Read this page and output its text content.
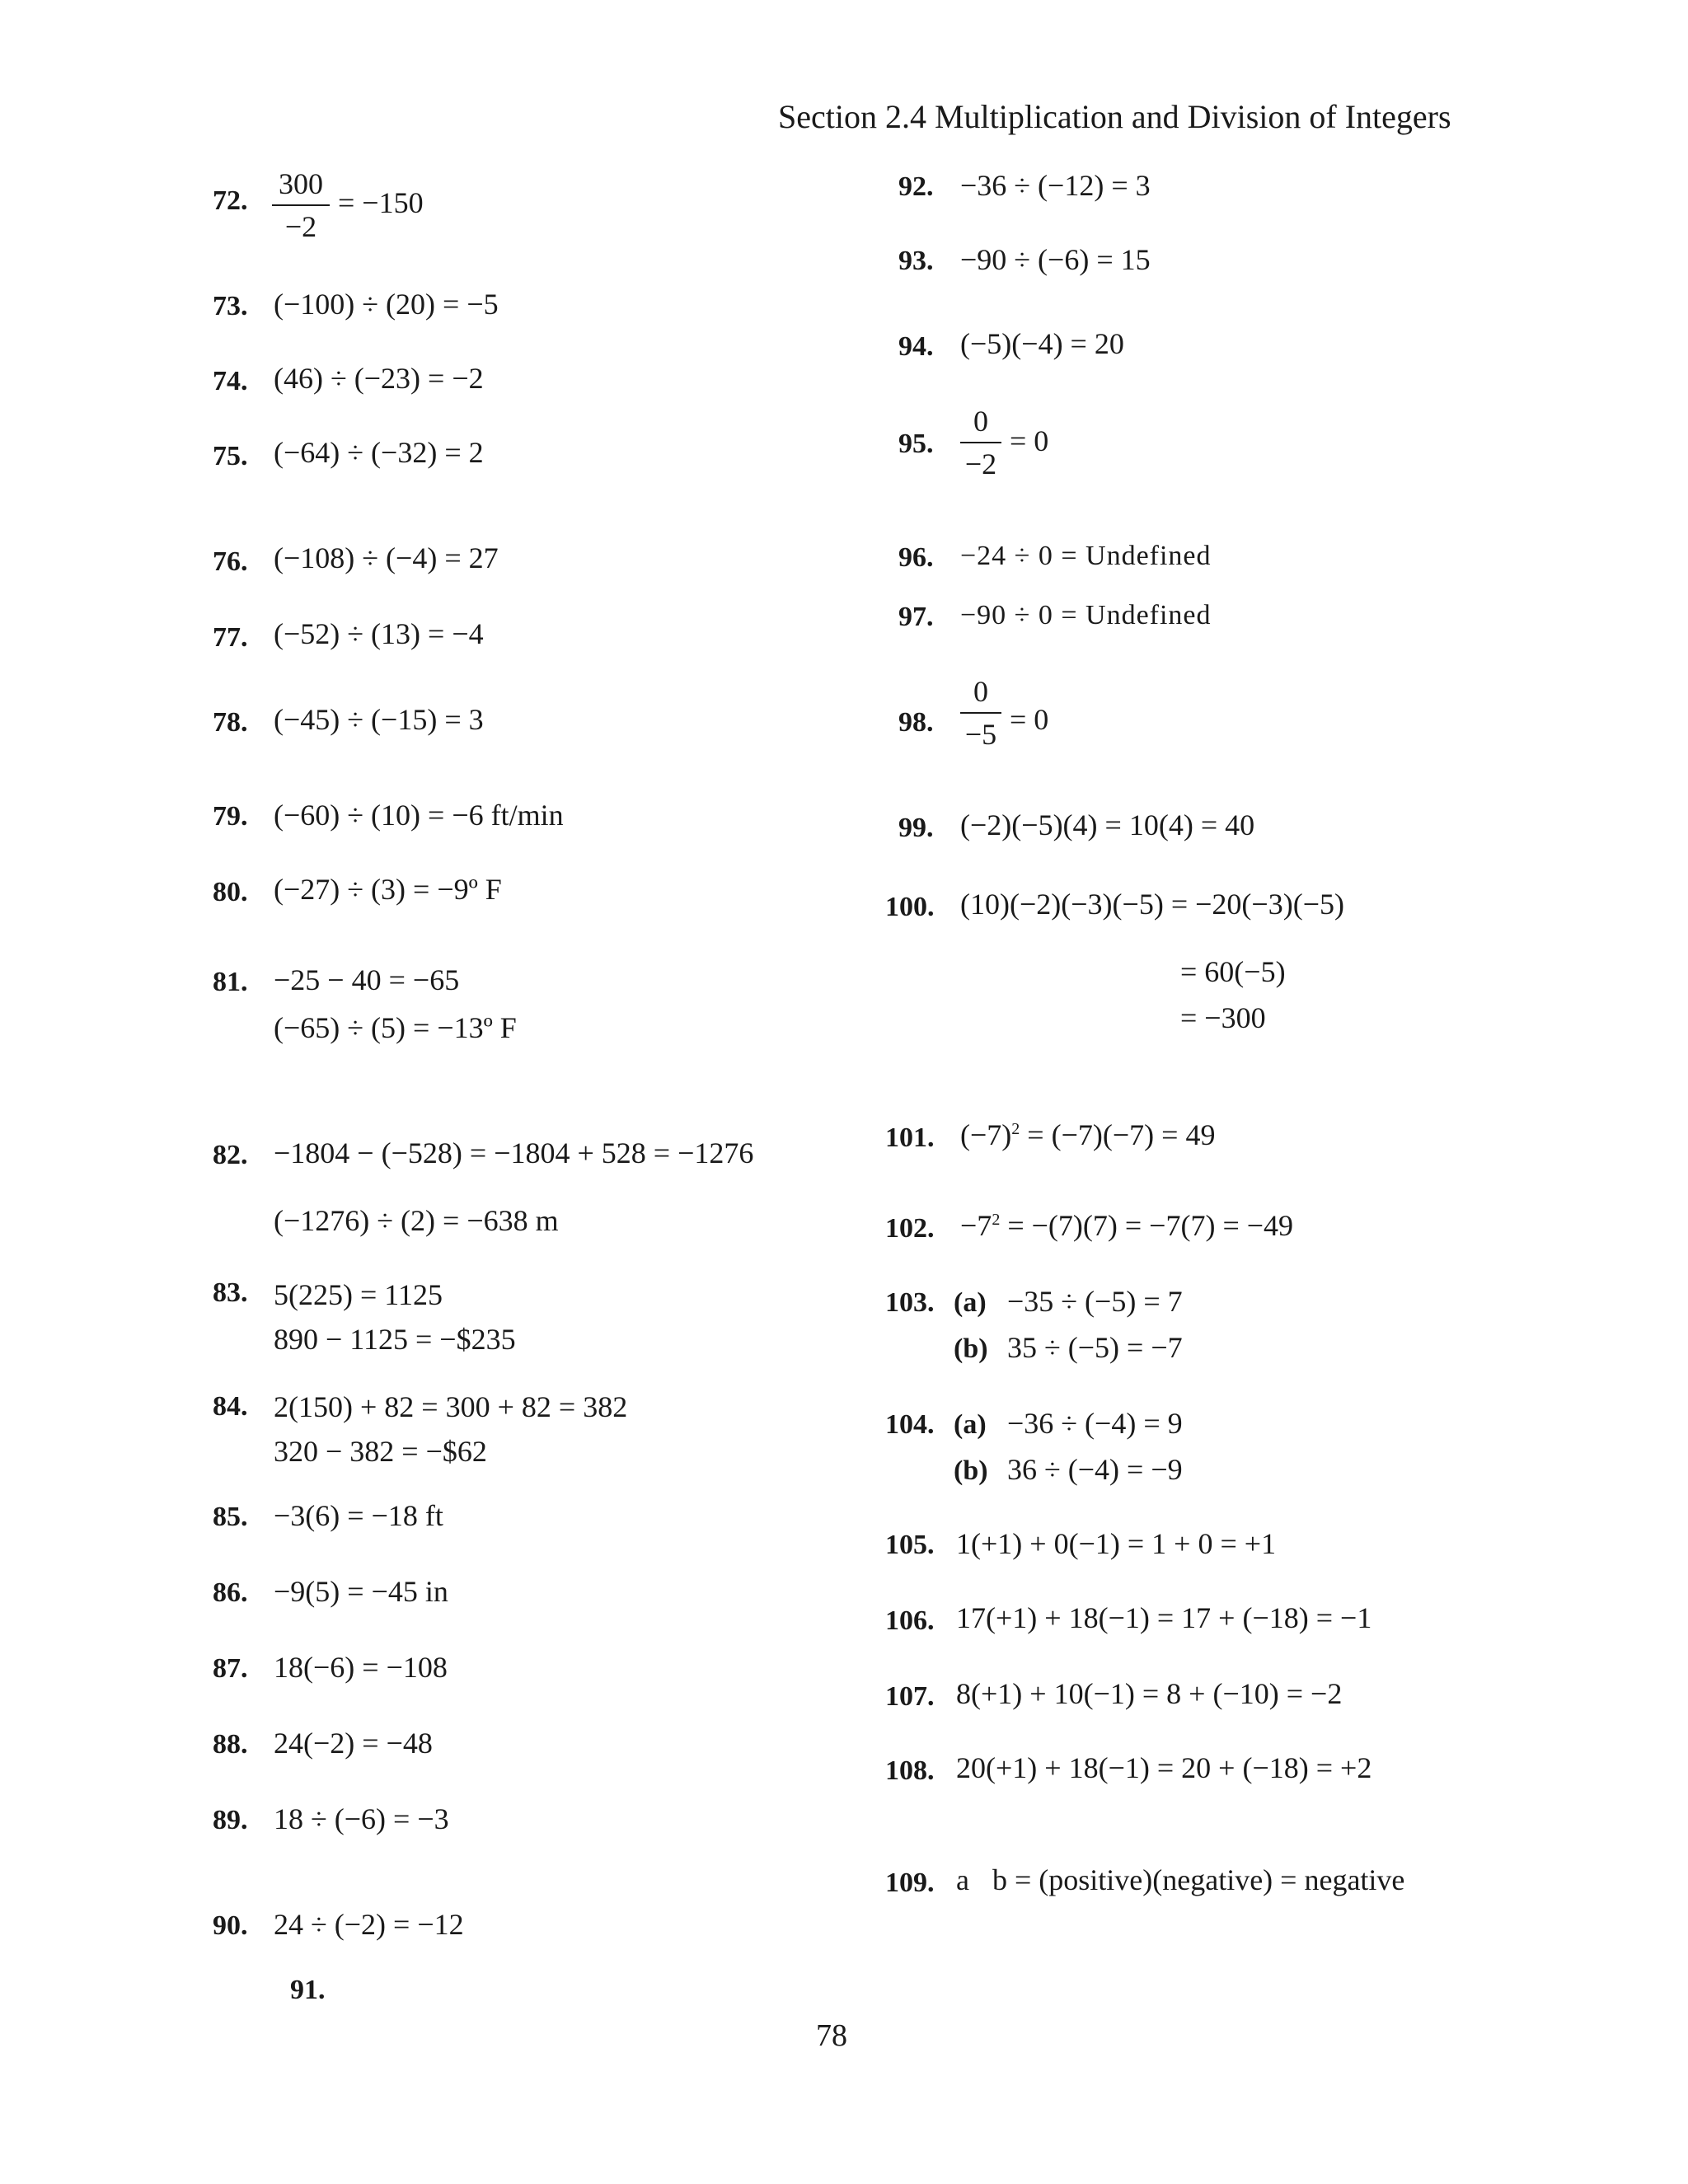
Section 2.4 Multiplication and Division of Integers
72.
300
−2
= −150
73. (−100) ÷ (20) = −5
74. (46) ÷ (−23) = −2
75. (−64) ÷ (−32) = 2
76. (−108) ÷ (−4) = 27
77. (−52) ÷ (13) = −4
78. (−45) ÷ (−15) = 3
79. (−60) ÷ (10) = −6 ft/min
80. (−27) ÷ (3) = −9º F
81. −25 − 40 = −65
(−65) ÷ (5) = −13º F
82. −1804 − (−528) = −1804 + 528 = −1276
(−1276) ÷ (2) = −638 m
83. 5(225) = 1125
890 − 1125 = −$235
84. 2(150) + 82 = 300 + 82 = 382
320 − 382 = −$62
85. −3(6) = −18 ft
86. −9(5) = −45 in
87. 18(−6) = −108
88. 24(−2) = −48
89. 18 ÷ (−6) = −3
90. 24 ÷ (−2) = −12
91.
92. −36 ÷ (−12) = 3
93. −90 ÷ (−6) = 15
94. (−5)(−4) = 20
95.
0
−2
= 0
96. −24 ÷ 0 = Undefined
97. −90 ÷ 0 = Undefined
98.
0
−5 = 0
99. (−2)(−5)(4) = 10(4) = 40
100. (10)(−2)(−3)(−5) = −20(−3)(−5)
= 60(−5)
= −300
101. $(-7)^2 = (-7)(-7) = 49$
102. $-7^2 = -(7)(7) = -7(7) = -49$
103. (a) −35 ÷ (−5) = 7
(b) 35 ÷ (−5) = −7
104. (a) −36 ÷ (−4) = 9
(b) 36 ÷ (−4) = −9
105. 1(+1) + 0(−1) = 1 + 0 = +1
106. 17(+1) + 18(−1) = 17 + (−18) = −1
107. 8(+1) + 10(−1) = 8 + (−10) = −2
108. 20(+1) + 18(−1) = 20 + (−18) = +2
109. a⃞b = (positive)(negative) = negative
78
